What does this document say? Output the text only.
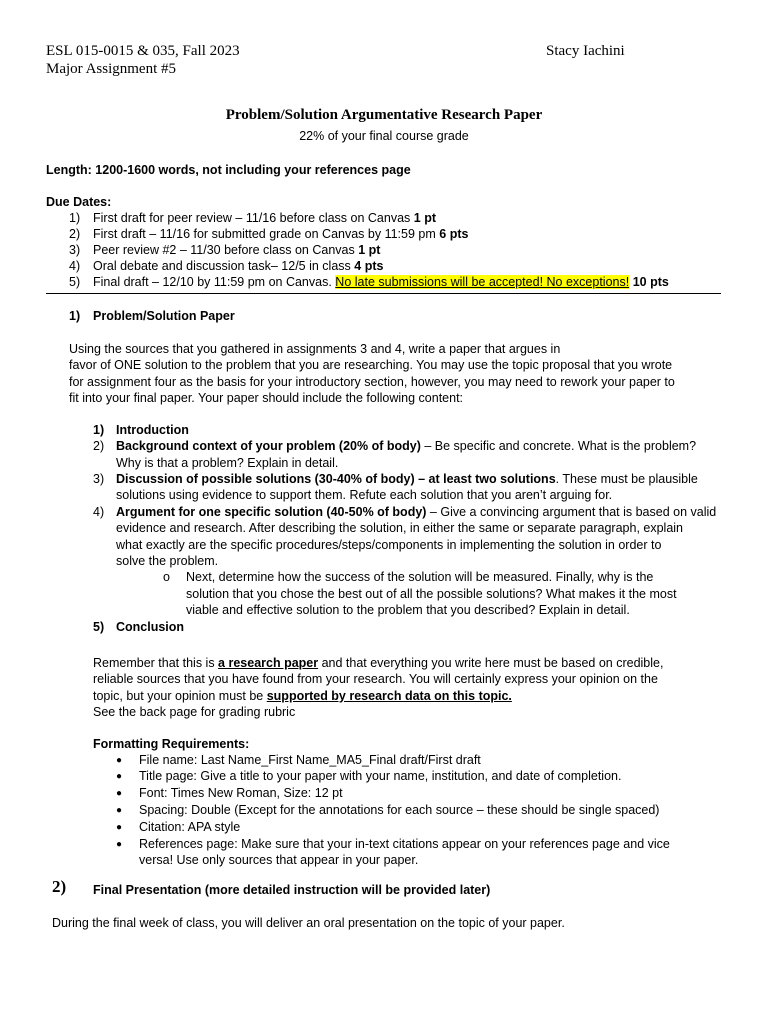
ESL 015-0015 & 035, Fall 2023
Major Assignment #5
Stacy Iachini
Problem/Solution Argumentative Research Paper
22% of your final course grade
Length: 1200-1600 words, not including your references page
Due Dates:
1) First draft for peer review – 11/16 before class on Canvas 1 pt
2) First draft – 11/16 for submitted grade on Canvas by 11:59 pm 6 pts
3) Peer review #2 – 11/30 before class on Canvas 1 pt
4) Oral debate and discussion task– 12/5 in class 4 pts
5) Final draft – 12/10 by 11:59 pm on Canvas. No late submissions will be accepted! No exceptions! 10 pts
1) Problem/Solution Paper
Using the sources that you gathered in assignments 3 and 4, write a paper that argues in
favor of ONE solution to the problem that you are researching. You may use the topic proposal that you wrote
for assignment four as the basis for your introductory section, however, you may need to rework your paper to
fit into your final paper. Your paper should include the following content:
1) Introduction
2) Background context of your problem (20% of body) – Be specific and concrete. What is the problem?
Why is that a problem? Explain in detail.
3) Discussion of possible solutions (30-40% of body) – at least two solutions. These must be plausible
solutions using evidence to support them. Refute each solution that you aren’t arguing for.
4) Argument for one specific solution (40-50% of body) – Give a convincing argument that is based on valid
evidence and research. After describing the solution, in either the same or separate paragraph, explain
what exactly are the specific procedures/steps/components in implementing the solution in order to
solve the problem.
o Next, determine how the success of the solution will be measured. Finally, why is the
solution that you chose the best out of all the possible solutions? What makes it the most
viable and effective solution to the problem that you described? Explain in detail.
5) Conclusion
Remember that this is a research paper and that everything you write here must be based on credible,
reliable sources that you have found from your research. You will certainly express your opinion on the
topic, but your opinion must be supported by research data on this topic.
See the back page for grading rubric
Formatting Requirements:
● File name: Last Name_First Name_MA5_Final draft/First draft
● Title page: Give a title to your paper with your name, institution, and date of completion.
● Font: Times New Roman, Size: 12 pt
● Spacing: Double (Except for the annotations for each source – these should be single spaced)
● Citation: APA style
● References page: Make sure that your in-text citations appear on your references page and vice
versa! Use only sources that appear in your paper.
2) Final Presentation (more detailed instruction will be provided later)
During the final week of class, you will deliver an oral presentation on the topic of your paper.
